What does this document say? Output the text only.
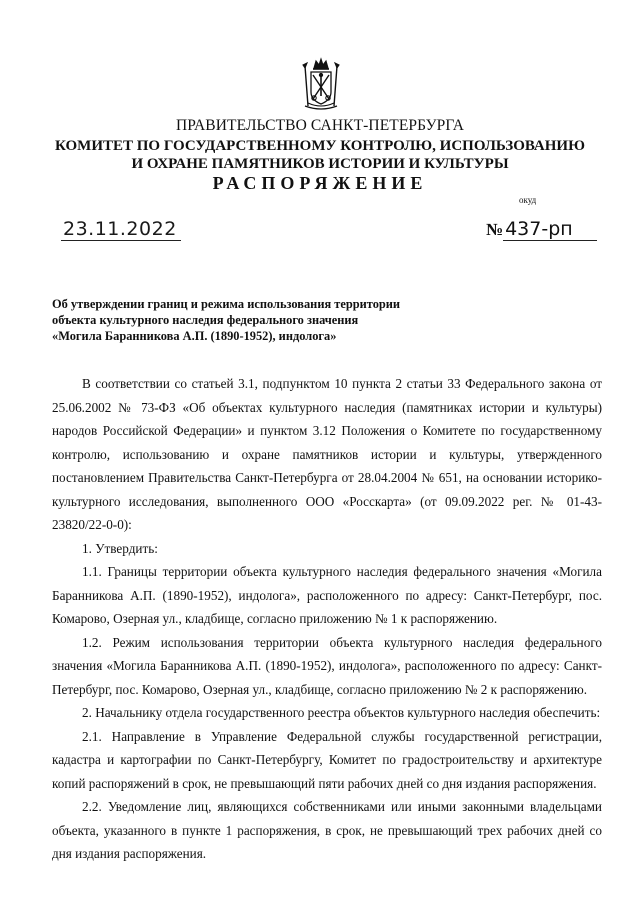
ПРАВИТЕЛЬСТВО САНКТ-ПЕТЕРБУРГА
КОМИТЕТ ПО ГОСУДАРСТВЕННОМУ КОНТРОЛЮ, ИСПОЛЬЗОВАНИЮ
И ОХРАНЕ ПАМЯТНИКОВ ИСТОРИИ И КУЛЬТУРЫ
РАСПОРЯЖЕНИЕ
окуд
23.11.2022	№ 437-рп
Об утверждении границ и режима использования территории
объекта культурного наследия федерального значения
«Могила Баранникова А.П. (1890-1952), индолога»

В соответствии со статьей 3.1, подпунктом 10 пункта 2 статьи 33 Федерального закона от 25.06.2002 № 73-ФЗ «Об объектах культурного наследия (памятниках истории и культуры) народов Российской Федерации» и пунктом 3.12 Положения о Комитете по государственному контролю, использованию и охране памятников истории и культуры, утвержденного постановлением Правительства Санкт-Петербурга от 28.04.2004 № 651, на основании историко-культурного исследования, выполненного ООО «Росскарта» (от 09.09.2022 рег. № 01-43-23820/22-0-0):

1. Утвердить:

1.1. Границы территории объекта культурного наследия федерального значения «Могила Баранникова А.П. (1890-1952), индолога», расположенного по адресу: Санкт-Петербург, пос. Комарово, Озерная ул., кладбище, согласно приложению № 1 к распоряжению.

1.2. Режим использования территории объекта культурного наследия федерального значения «Могила Баранникова А.П. (1890-1952), индолога», расположенного по адресу: Санкт-Петербург, пос. Комарово, Озерная ул., кладбище, согласно приложению № 2 к распоряжению.

2. Начальнику отдела государственного реестра объектов культурного наследия обеспечить:

2.1. Направление в Управление Федеральной службы государственной регистрации, кадастра и картографии по Санкт-Петербургу, Комитет по градостроительству и архитектуре копий распоряжений в срок, не превышающий пяти рабочих дней со дня издания распоряжения.

2.2. Уведомление лиц, являющихся собственниками или иными законными владельцами объекта, указанного в пункте 1 распоряжения, в срок, не превышающий трех рабочих дней со дня издания распоряжения.
